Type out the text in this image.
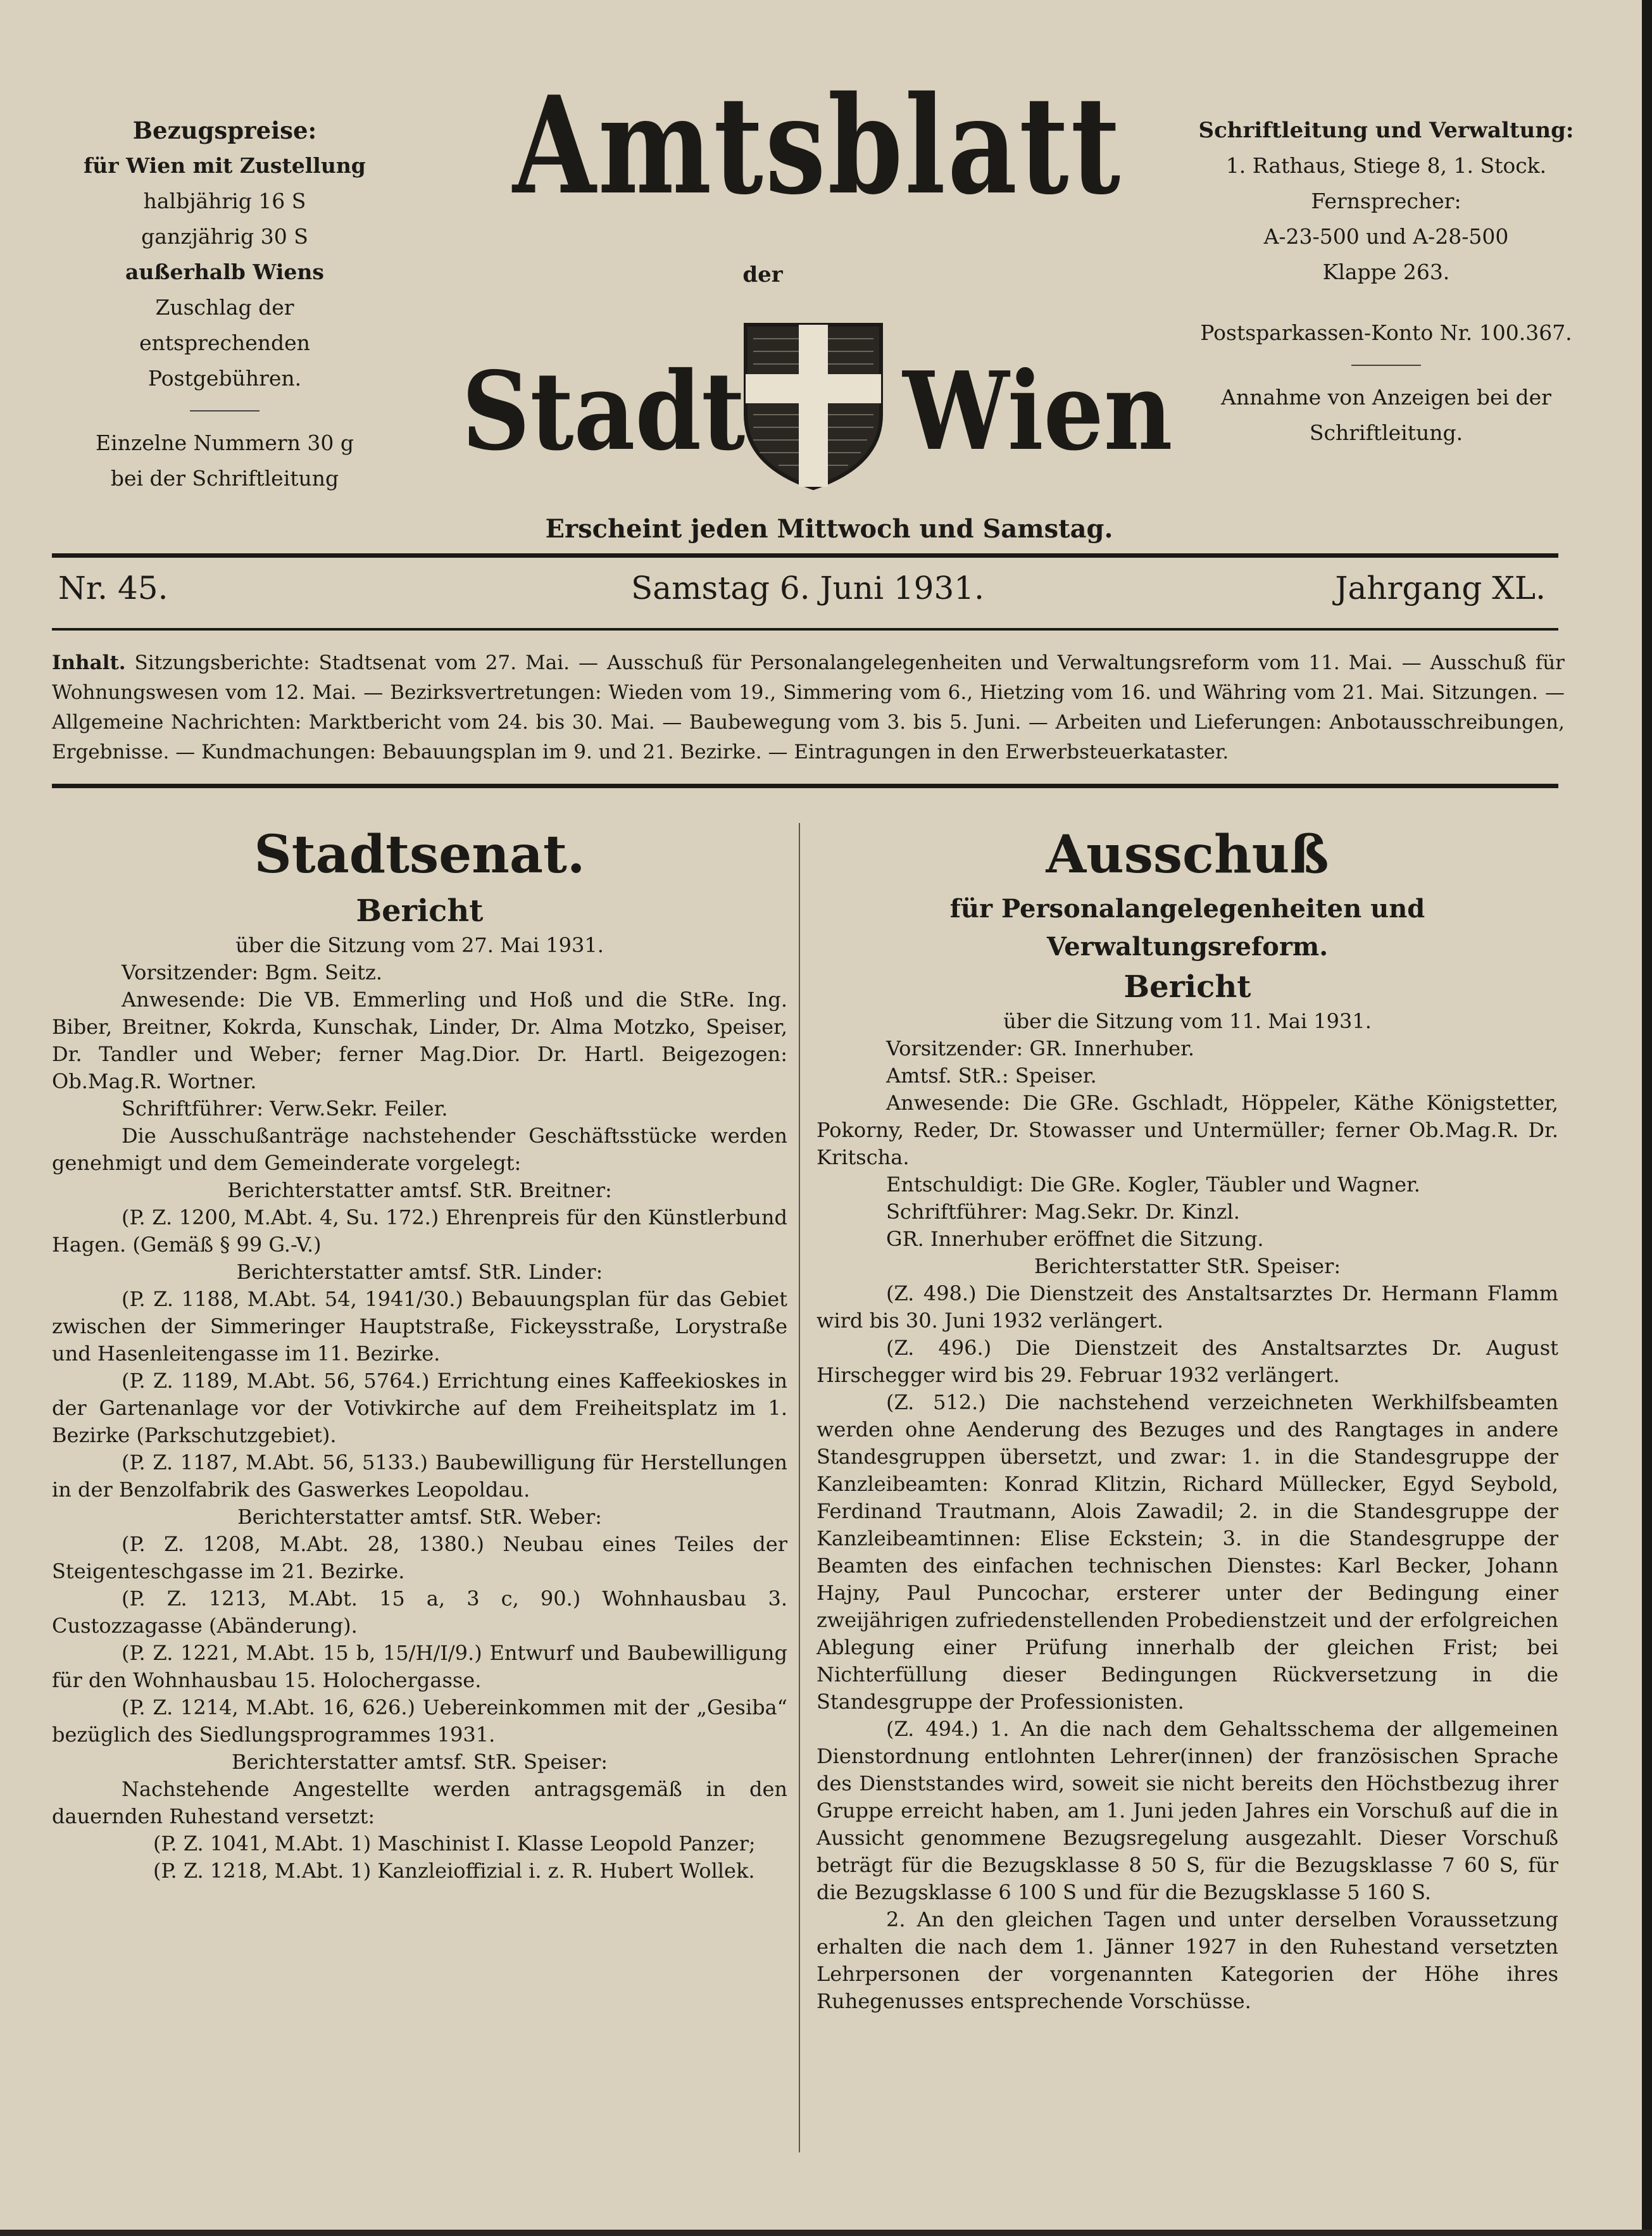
Bezugspreise:
für Wien mit Zustellung
halbjährig 16 S
ganzjährig 30 S
außerhalb Wiens
Zuschlag der entsprechenden
Postgebühren.
Einzelne Nummern 30 g
bei der Schriftleitung
Amtsblatt
der
Stadt Wien
Erscheint jeden Mittwoch und Samstag.
Schriftleitung und Verwaltung:
1. Rathaus, Stiege 8, 1. Stock.
Fernsprecher:
A-23-500 und A-28-500
Klappe 263.
Postsparkassen-Konto Nr. 100.367.
Annahme von Anzeigen bei der
Schriftleitung.
Nr. 45.	Samstag 6. Juni 1931.	Jahrgang XL.
Inhalt. Sitzungsberichte: Stadtsenat vom 27. Mai. — Ausschuß für Personalangelegenheiten und Verwaltungsreform vom 11. Mai. — Ausschuß für Wohnungswesen vom 12. Mai. — Bezirksvertretungen: Wieden vom 19., Simmering vom 6., Hietzing vom 16. und Währing vom 21. Mai. Sitzungen. — Allgemeine Nachrichten: Marktbericht vom 24. bis 30. Mai. — Baubewegung vom 3. bis 5. Juni. — Arbeiten und Lieferungen: Anbotausschreibungen, Ergebnisse. — Kundmachungen: Bebauungsplan im 9. und 21. Bezirke. — Eintragungen in den Erwerbsteuerkataster.

Stadtsenat.

Bericht

über die Sitzung vom 27. Mai 1931.

Vorsitzender: Bgm. Seitz.

Anwesende: Die VB. Emmerling und Hoß und die StRe. Ing. Biber, Breitner, Kokrda, Kunschak, Linder, Dr. Alma Motzko, Speiser, Dr. Tandler und Weber; ferner Mag.Dior. Dr. Hartl. Beigezogen: Ob.Mag.R. Wortner.

Schriftführer: Verw.Sekr. Feiler.

Die Ausschußanträge nachstehender Geschäftsstücke werden genehmigt und dem Gemeinderate vorgelegt:

Berichterstatter amtsf. StR. Breitner:

(P. Z. 1200, M.Abt. 4, Su. 172.) Ehrenpreis für den Künstlerbund Hagen. (Gemäß § 99 G.-V.)

Berichterstatter amtsf. StR. Linder:

(P. Z. 1188, M.Abt. 54, 1941/30.) Bebauungsplan für das Gebiet zwischen der Simmeringer Hauptstraße, Fickeysstraße, Lorystraße und Hasenleitengasse im 11. Bezirke.

(P. Z. 1189, M.Abt. 56, 5764.) Errichtung eines Kaffeekioskes in der Gartenanlage vor der Votivkirche auf dem Freiheitsplatz im 1. Bezirke (Parkschutzgebiet).

(P. Z. 1187, M.Abt. 56, 5133.) Baubewilligung für Herstellungen in der Benzolfabrik des Gaswerkes Leopoldau.

Berichterstatter amtsf. StR. Weber:

(P. Z. 1208, M.Abt. 28, 1380.) Neubau eines Teiles der Steigenteschgasse im 21. Bezirke.

(P. Z. 1213, M.Abt. 15 a, 3 c, 90.) Wohnhausbau 3. Custozzagasse (Abänderung).

(P. Z. 1221, M.Abt. 15 b, 15/H/I/9.) Entwurf und Baubewilligung für den Wohnhausbau 15. Holochergasse.

(P. Z. 1214, M.Abt. 16, 626.) Uebereinkommen mit der „Gesiba“ bezüglich des Siedlungsprogrammes 1931.

Berichterstatter amtsf. StR. Speiser:

Nachstehende Angestellte werden antragsgemäß in den dauernden Ruhestand versetzt:

(P. Z. 1041, M.Abt. 1) Maschinist I. Klasse Leopold Panzer;

(P. Z. 1218, M.Abt. 1) Kanzleioffizial i. z. R. Hubert Wollek.

Ausschuß

für Personalangelegenheiten und Verwaltungsreform.

Bericht

über die Sitzung vom 11. Mai 1931.

Vorsitzender: GR. Innerhuber.

Amtsf. StR.: Speiser.

Anwesende: Die GRe. Gschladt, Höppeler, Käthe Königstetter, Pokorny, Reder, Dr. Stowasser und Untermüller; ferner Ob.Mag.R. Dr. Kritscha.

Entschuldigt: Die GRe. Kogler, Täubler und Wagner.

Schriftführer: Mag.Sekr. Dr. Kinzl.

GR. Innerhuber eröffnet die Sitzung.

Berichterstatter StR. Speiser:

(Z. 498.) Die Dienstzeit des Anstaltsarztes Dr. Hermann Flamm wird bis 30. Juni 1932 verlängert.

(Z. 496.) Die Dienstzeit des Anstaltsarztes Dr. August Hirschegger wird bis 29. Februar 1932 verlängert.

(Z. 512.) Die nachstehend verzeichneten Werkhilfsbeamten werden ohne Aenderung des Bezuges und des Rangtages in andere Standesgruppen übersetzt, und zwar: 1. in die Standesgruppe der Kanzleibeamten: Konrad Klitzin, Richard Müllecker, Egyd Seybold, Ferdinand Trautmann, Alois Zawadil; 2. in die Standesgruppe der Kanzleibeamtinnen: Elise Eckstein; 3. in die Standesgruppe der Beamten des einfachen technischen Dienstes: Karl Becker, Johann Hajny, Paul Puncochar, ersterer unter der Bedingung einer zweijährigen zufriedenstellenden Probedienstzeit und der erfolgreichen Ablegung einer Prüfung innerhalb der gleichen Frist; bei Nichterfüllung dieser Bedingungen Rückversetzung in die Standesgruppe der Professionisten.

(Z. 494.) 1. An die nach dem Gehaltsschema der allgemeinen Dienstordnung entlohnten Lehrer(innen) der französischen Sprache des Dienststandes wird, soweit sie nicht bereits den Höchstbezug ihrer Gruppe erreicht haben, am 1. Juni jeden Jahres ein Vorschuß auf die in Aussicht genommene Bezugsregelung ausgezahlt. Dieser Vorschuß beträgt für die Bezugsklasse 8 50 S, für die Bezugsklasse 7 60 S, für die Bezugsklasse 6 100 S und für die Bezugsklasse 5 160 S.

2. An den gleichen Tagen und unter derselben Voraussetzung erhalten die nach dem 1. Jänner 1927 in den Ruhestand versetzten Lehrpersonen der vorgenannten Kategorien der Höhe ihres Ruhegenusses entsprechende Vorschüsse.
